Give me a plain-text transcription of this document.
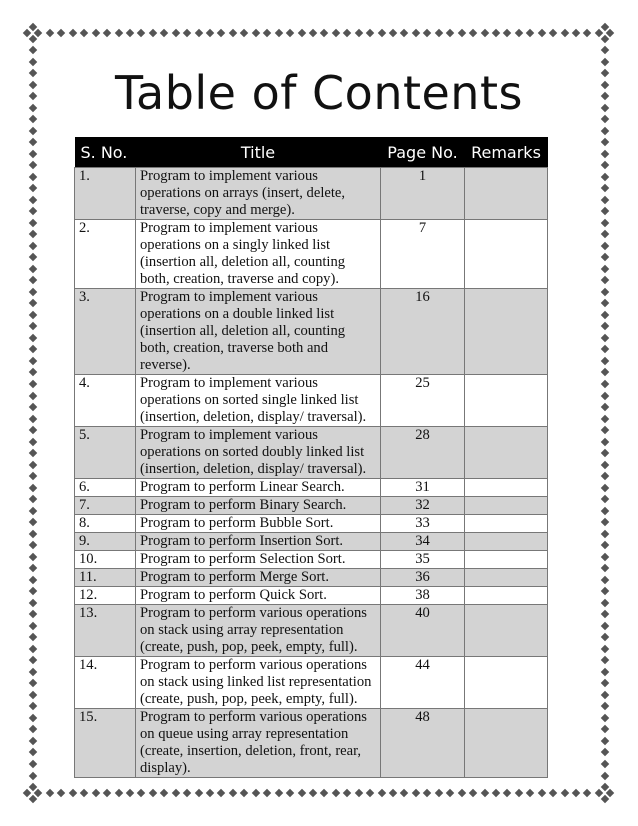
Table of Contents
S. No.	Title	Page No.	Remarks
1.	Program to implement various operations on arrays (insert, delete, traverse, copy and merge).	1	
2.	Program to implement various operations on a singly linked list (insertion all, deletion all, counting both, creation, traverse and copy).	7	
3.	Program to implement various operations on a double linked list (insertion all, deletion all, counting both, creation, traverse both and reverse).	16	
4.	Program to implement various operations on sorted single linked list (insertion, deletion, display/ traversal).	25	
5.	Program to implement various operations on sorted doubly linked list (insertion, deletion, display/ traversal).	28	
6.	Program to perform Linear Search.	31	
7.	Program to perform Binary Search.	32	
8.	Program to perform Bubble Sort.	33	
9.	Program to perform Insertion Sort.	34	
10.	Program to perform Selection Sort.	35	
11.	Program to perform Merge Sort.	36	
12.	Program to perform Quick Sort.	38	
13.	Program to perform various operations on stack using array representation (create, push, pop, peek, empty, full).	40	
14.	Program to perform various operations on stack using linked list representation (create, push, pop, peek, empty, full).	44	
15.	Program to perform various operations on queue using array representation (create, insertion, deletion, front, rear, display).	48	
